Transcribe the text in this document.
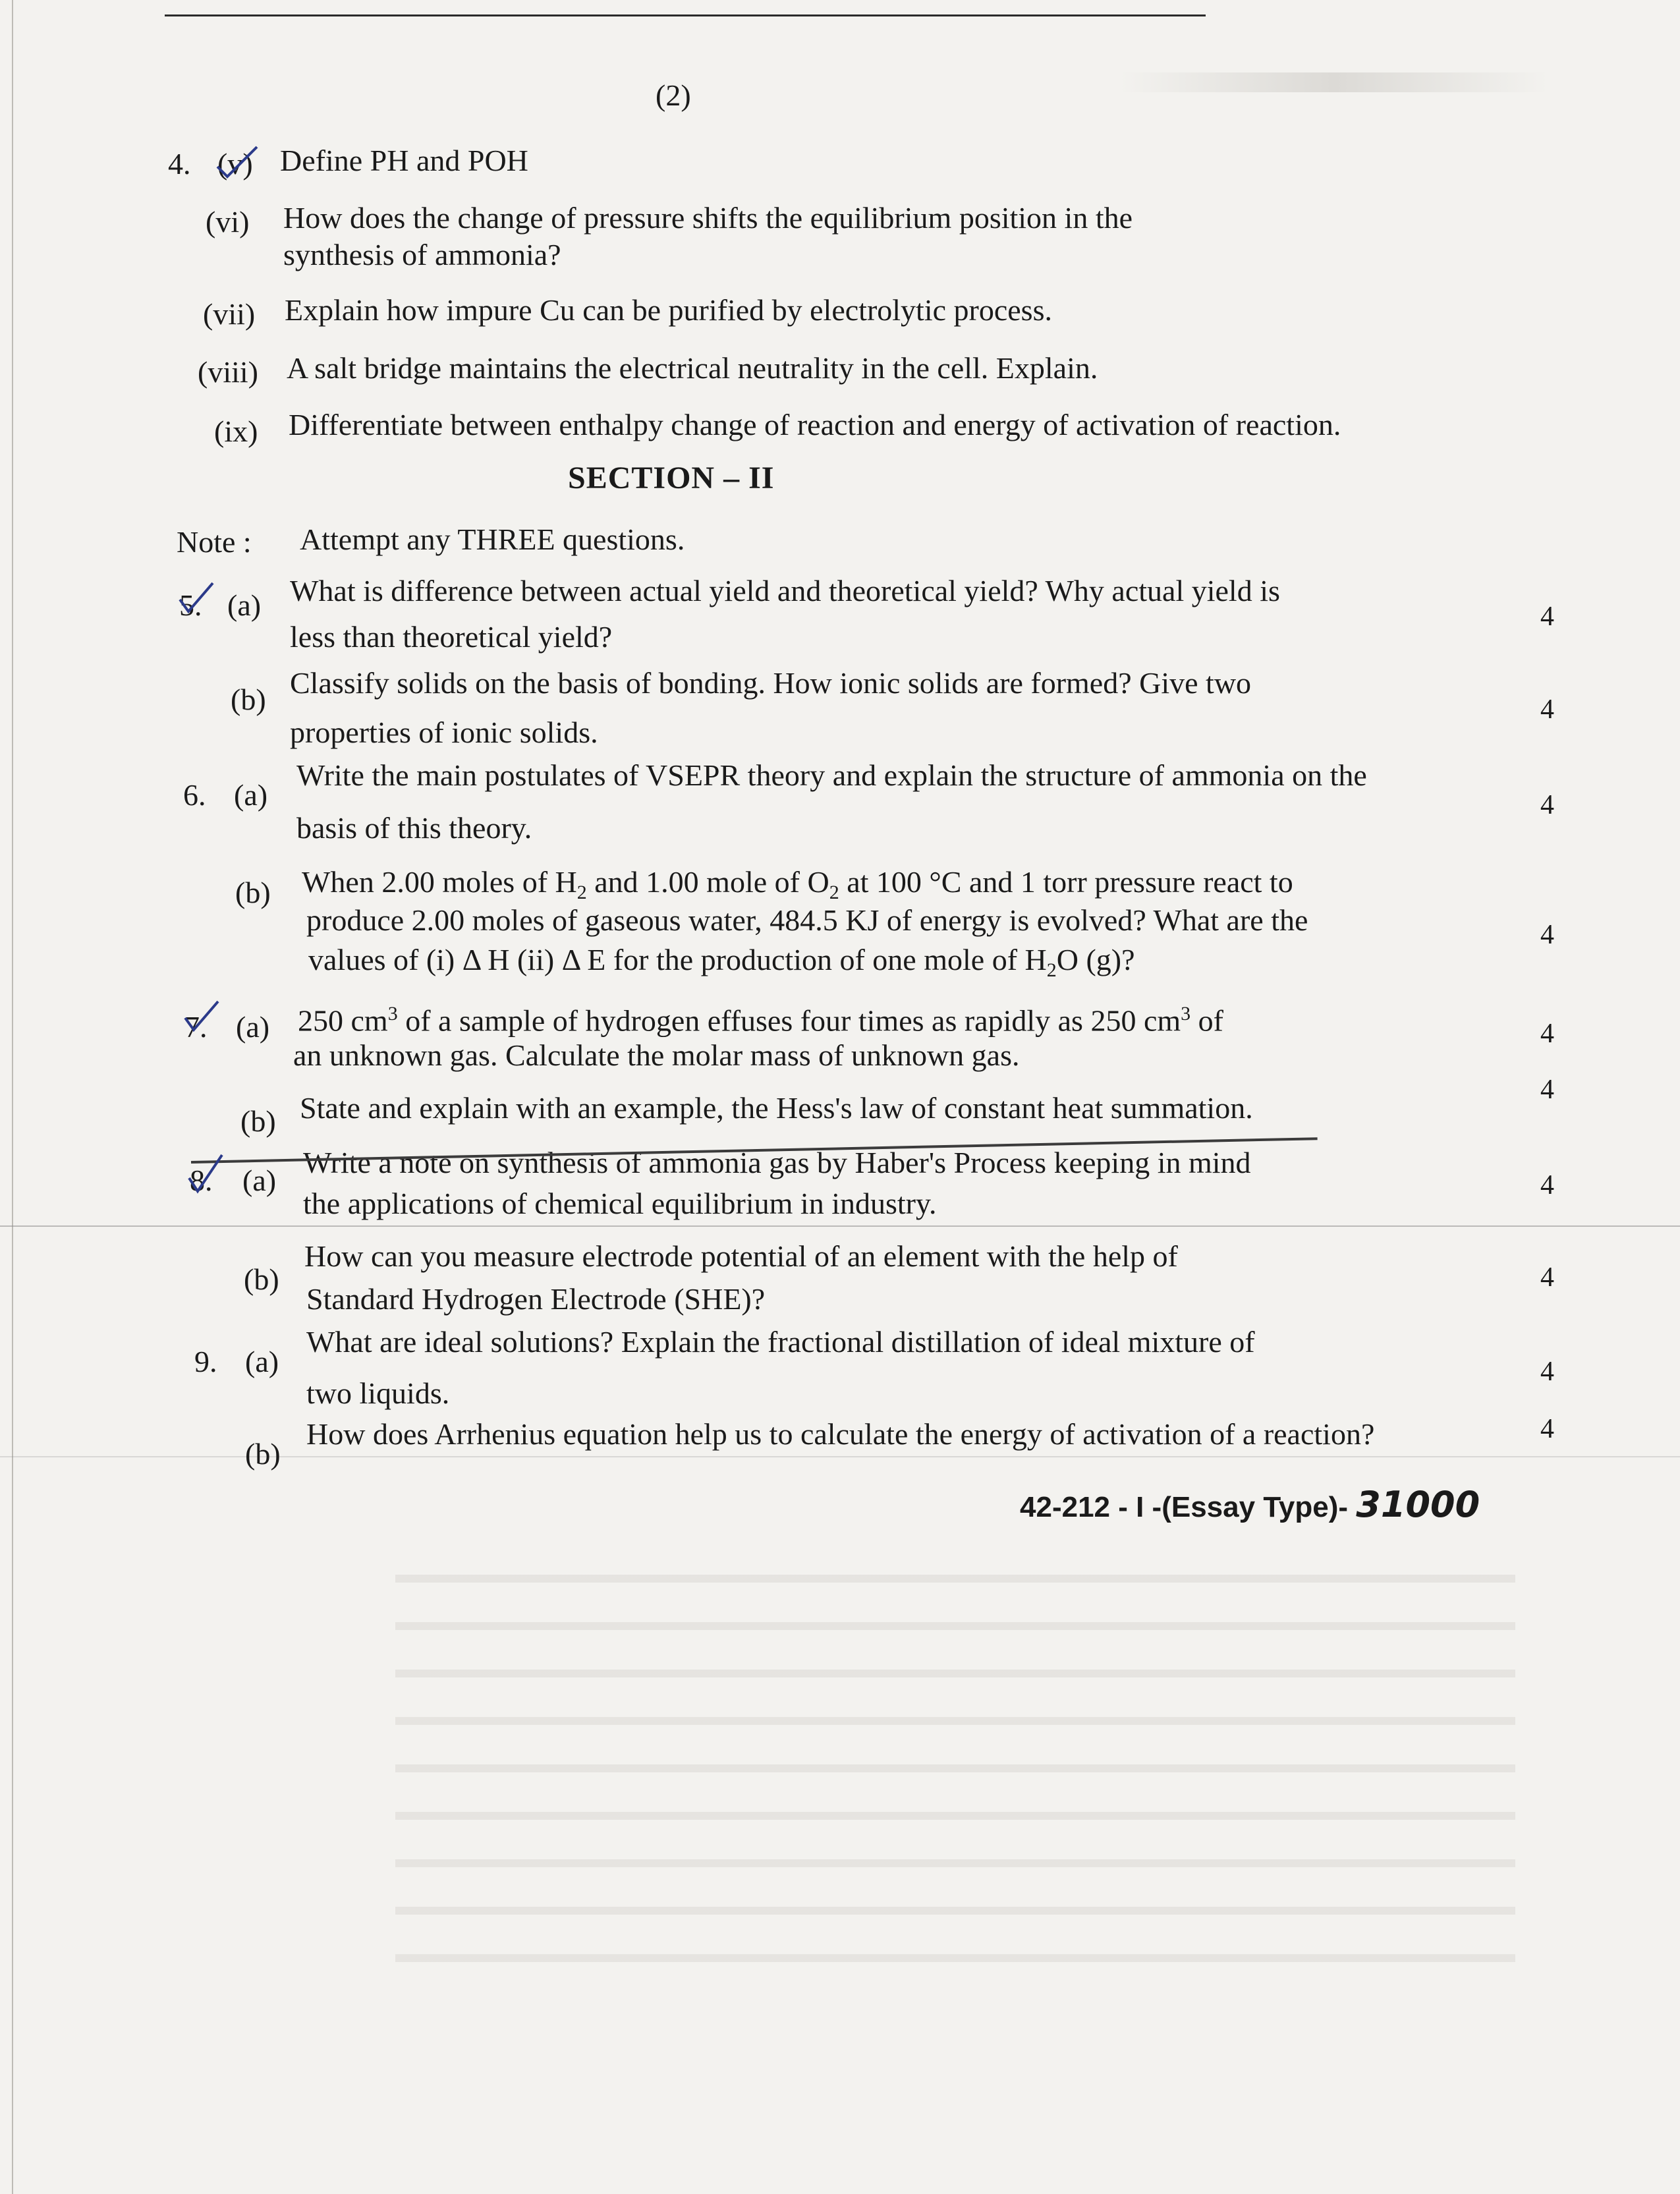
(2)
4. (v) Define PH and POH
(vi) How does the change of pressure shifts the equilibrium position in the
synthesis of ammonia?
(vii) Explain how impure Cu can be purified by electrolytic process.
(viii) A salt bridge maintains the electrical neutrality in the cell. Explain.
(ix) Differentiate between enthalpy change of reaction and energy of activation of reaction.
SECTION – II
Note : Attempt any THREE questions.
5. (a) What is difference between actual yield and theoretical yield? Why actual yield is
less than theoretical yield?
4
(b) Classify solids on the basis of bonding. How ionic solids are formed? Give two
properties of ionic solids.
4
6. (a)
Write the main postulates of VSEPR theory and explain the structure of ammonia on the
basis of this theory.
4
(b) When 2.00 moles of $H_2$ and 1.00 mole of $O_2$ at 100 °C and 1 torr pressure react to
produce 2.00 moles of gaseous water, 484.5 KJ of energy is evolved? What are the
values of (i) Δ H (ii) Δ E for the production of one mole of $H_2O$ (g)?
4
7. (a) 250 $cm^3$ of a sample of hydrogen effuses four times as rapidly as 250 $cm^3$ of
an unknown gas. Calculate the molar mass of unknown gas.
4
(b) State and explain with an example, the Hess's law of constant heat summation.
4
8. (a)
Write a note on synthesis of ammonia gas by Haber's Process keeping in mind
the applications of chemical equilibrium in industry.
4
(b)
How can you measure electrode potential of an element with the help of
Standard Hydrogen Electrode (SHE)?
4
9. (a)
What are ideal solutions? Explain the fractional distillation of ideal mixture of
two liquids.
4
(b)
How does Arrhenius equation help us to calculate the energy of activation of a reaction?	4
42-212 - I -(Essay Type)- 31000
